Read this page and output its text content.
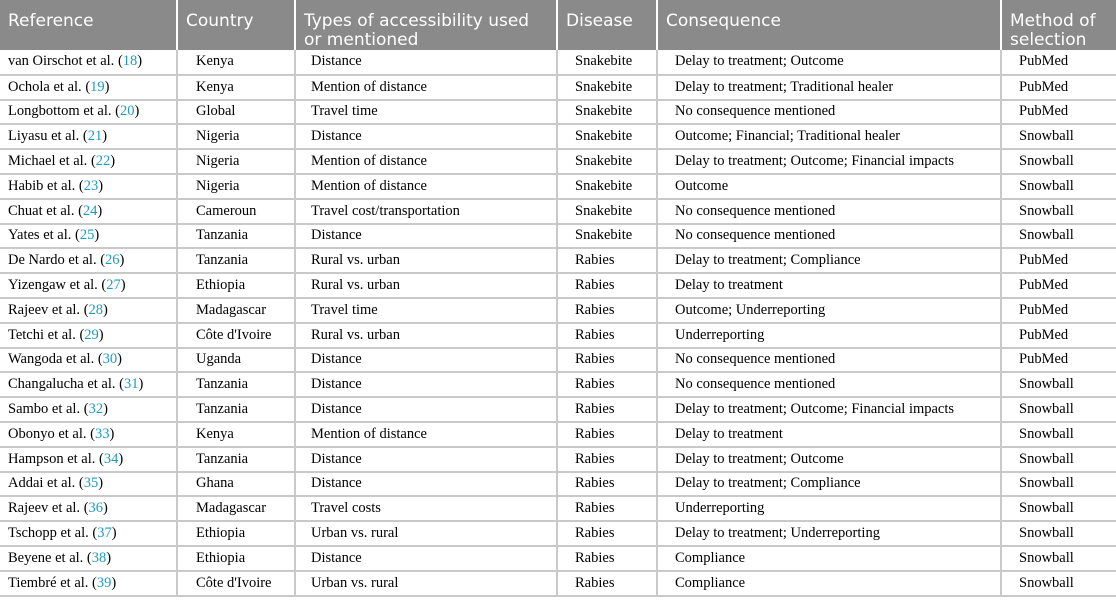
Reference	Country	Types of accessibility used or mentioned	Disease	Consequence	Method of selection
van Oirschot et al. (18)	Kenya	Distance	Snakebite	Delay to treatment; Outcome	PubMed
Ochola et al. (19)	Kenya	Mention of distance	Snakebite	Delay to treatment; Traditional healer	PubMed
Longbottom et al. (20)	Global	Travel time	Snakebite	No consequence mentioned	PubMed
Liyasu et al. (21)	Nigeria	Distance	Snakebite	Outcome; Financial; Traditional healer	Snowball
Michael et al. (22)	Nigeria	Mention of distance	Snakebite	Delay to treatment; Outcome; Financial impacts	Snowball
Habib et al. (23)	Nigeria	Mention of distance	Snakebite	Outcome	Snowball
Chuat et al. (24)	Cameroun	Travel cost/transportation	Snakebite	No consequence mentioned	Snowball
Yates et al. (25)	Tanzania	Distance	Snakebite	No consequence mentioned	Snowball
De Nardo et al. (26)	Tanzania	Rural vs. urban	Rabies	Delay to treatment; Compliance	PubMed
Yizengaw et al. (27)	Ethiopia	Rural vs. urban	Rabies	Delay to treatment	PubMed
Rajeev et al. (28)	Madagascar	Travel time	Rabies	Outcome; Underreporting	PubMed
Tetchi et al. (29)	Côte d'Ivoire	Rural vs. urban	Rabies	Underreporting	PubMed
Wangoda et al. (30)	Uganda	Distance	Rabies	No consequence mentioned	PubMed
Changalucha et al. (31)	Tanzania	Distance	Rabies	No consequence mentioned	Snowball
Sambo et al. (32)	Tanzania	Distance	Rabies	Delay to treatment; Outcome; Financial impacts	Snowball
Obonyo et al. (33)	Kenya	Mention of distance	Rabies	Delay to treatment	Snowball
Hampson et al. (34)	Tanzania	Distance	Rabies	Delay to treatment; Outcome	Snowball
Addai et al. (35)	Ghana	Distance	Rabies	Delay to treatment; Compliance	Snowball
Rajeev et al. (36)	Madagascar	Travel costs	Rabies	Underreporting	Snowball
Tschopp et al. (37)	Ethiopia	Urban vs. rural	Rabies	Delay to treatment; Underreporting	Snowball
Beyene et al. (38)	Ethiopia	Distance	Rabies	Compliance	Snowball
Tiembré et al. (39)	Côte d'Ivoire	Urban vs. rural	Rabies	Compliance	Snowball
